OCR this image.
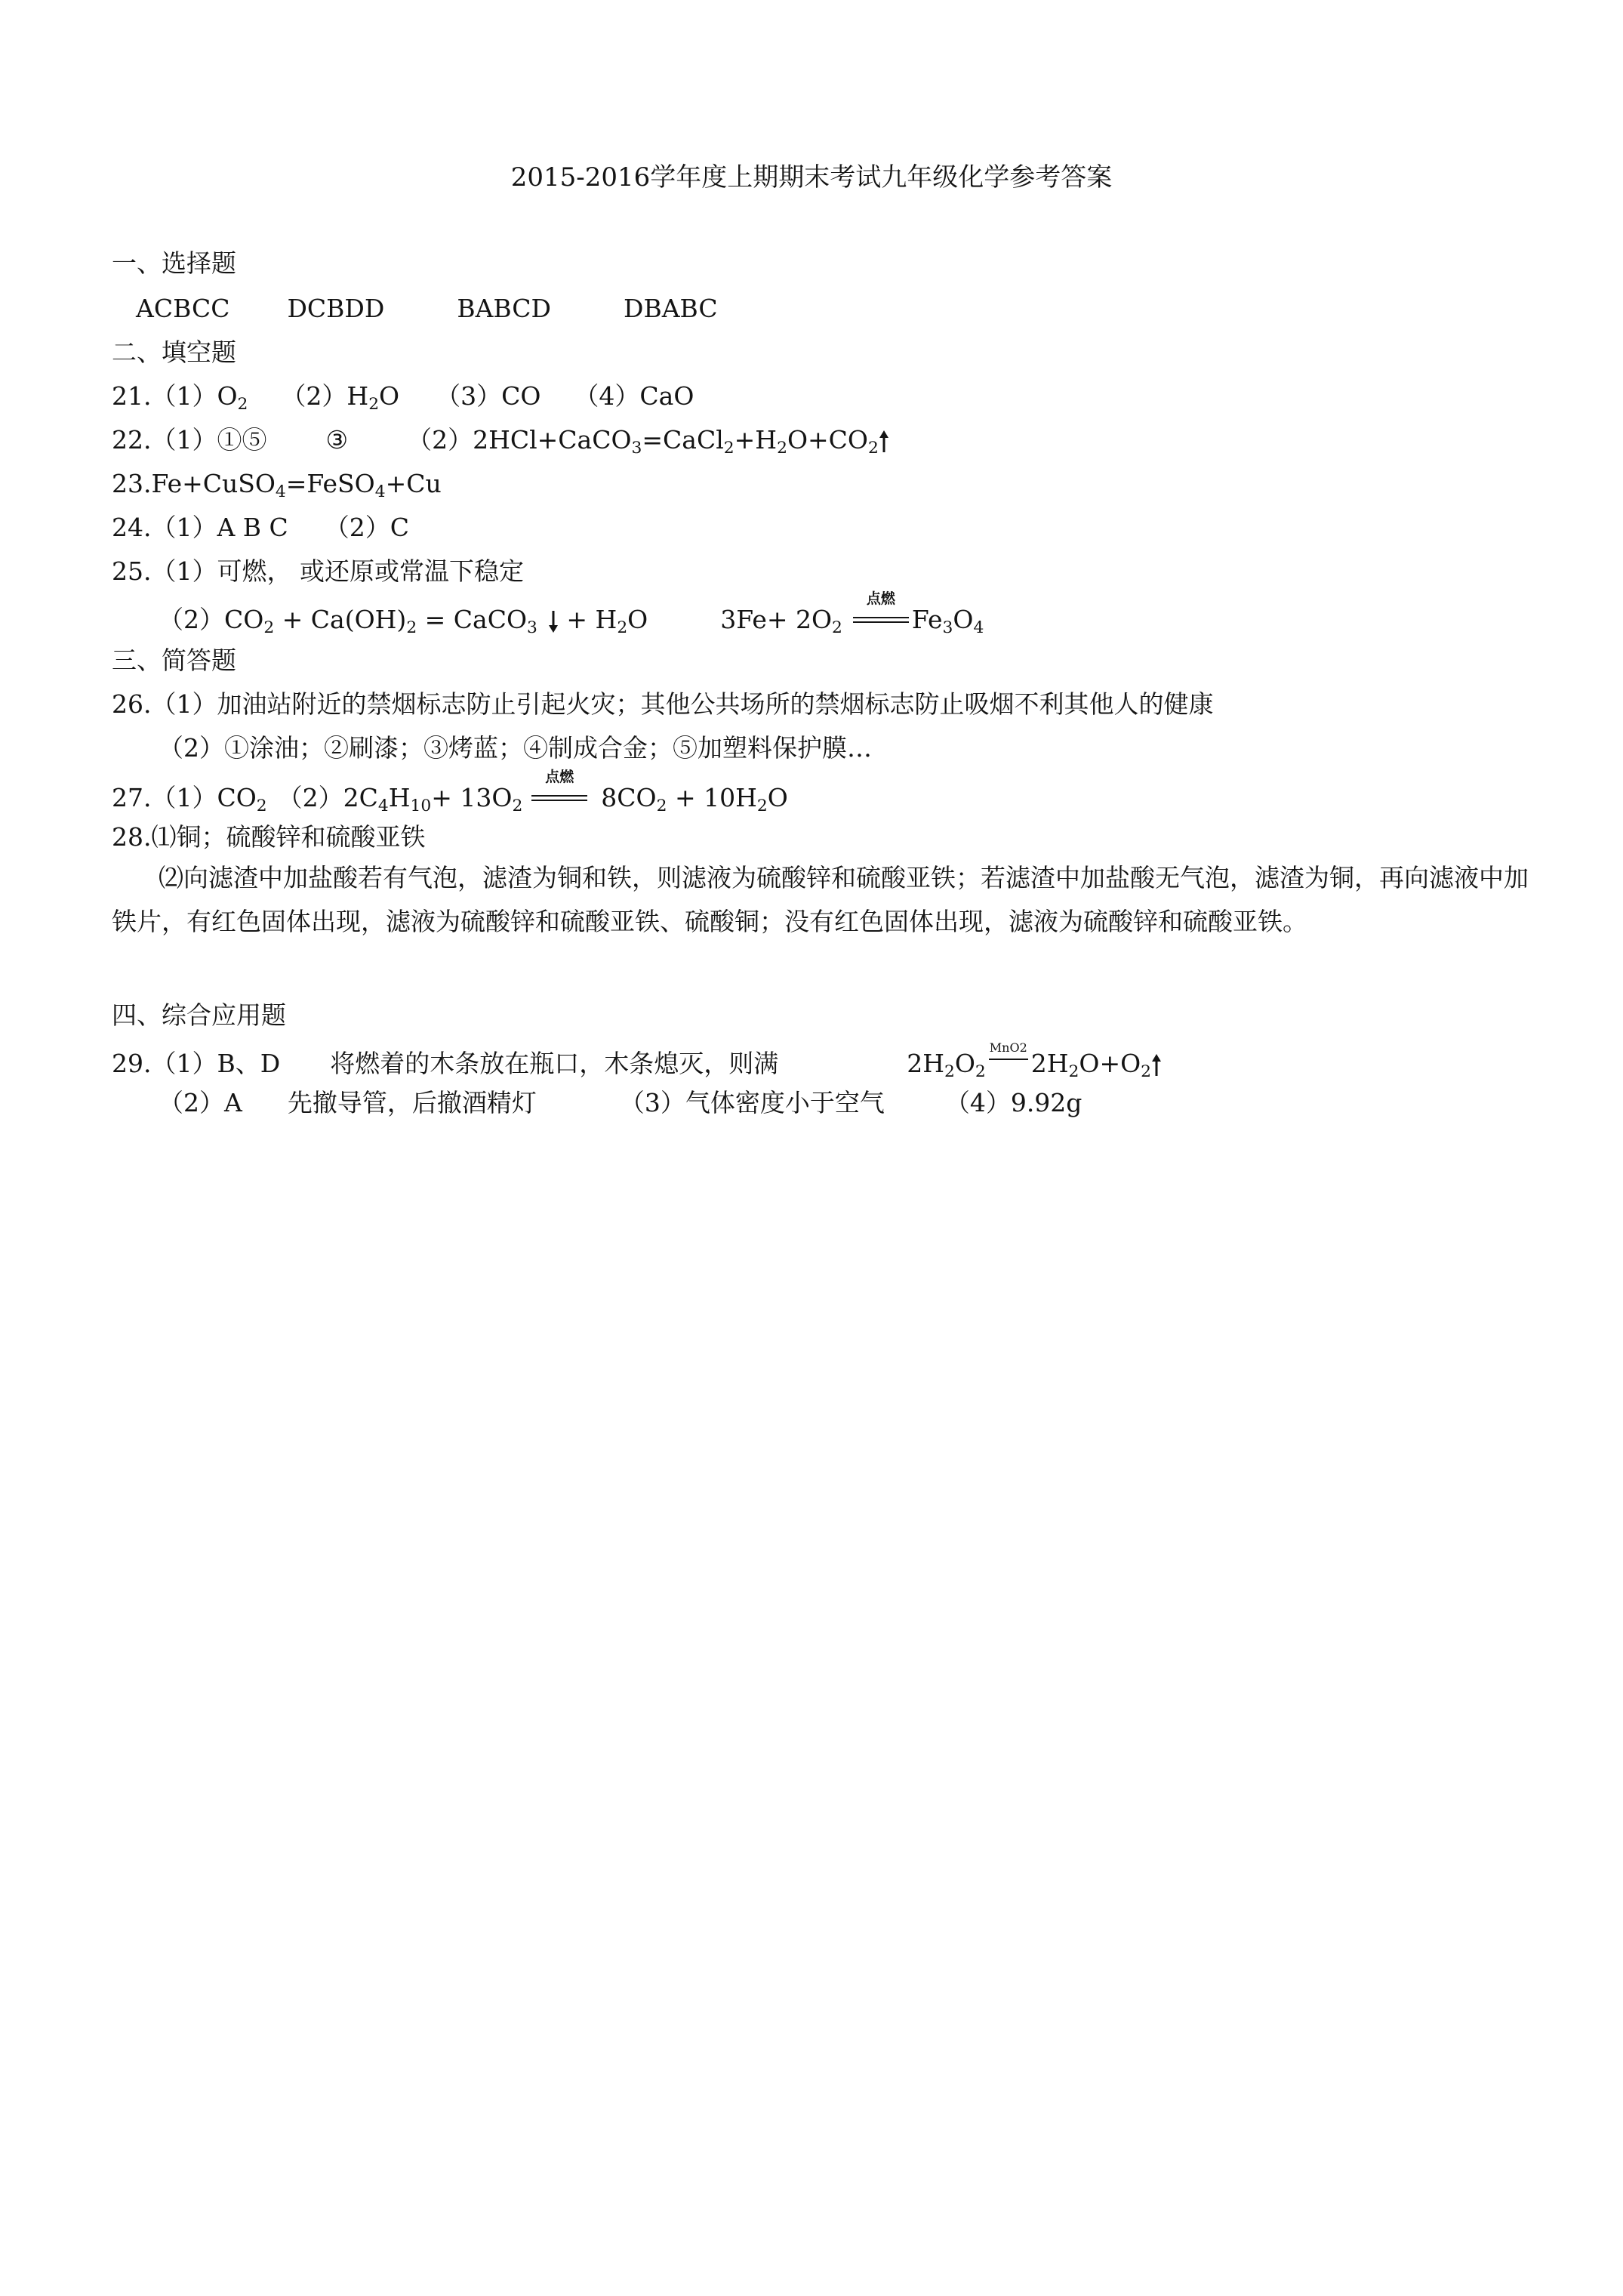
2015-2016学年度上期期末考试九年级化学参考答案
一、选择题
ACBCC DCBDD	BABCD	DBABC
二、填空题
$21.(1)O_2$ $(2)H_2O$ （3）CO （4）CaO
22.（1）①⑤ ③ $(2)2HCl+CaCO_3=CaCl_2+H_2O+CO_2$
23.Fe+CuSO$_4$=FeSO$_4$+Cu
24.（1）A B C （2）C
25.（1）可燃， 或还原或常温下稳定
$(2)CO_2 + Ca(OH)_2$ = CaCO$_3$ + $H_2O$	$3Fe+ 2O_2$
点燃
$Fe_3O_4$
三、简答题
26.（1）加油站附近的禁烟标志防止引起火灾；其他公共场所的禁烟标志防止吸烟不利其他人的健康
（2）①涂油；②刷漆；③烤蓝；④制成合金；⑤加塑料保护膜…
$27.(1)CO_2$ $(2)2C_4H_{10}+ 13O_2$
点燃
$8CO_2 + 10H_2O$
28.⑴铜；硫酸锌和硫酸亚铁
⑵向滤渣中加盐酸若有气泡，滤渣为铜和铁，则滤液为硫酸锌和硫酸亚铁；若滤渣中加盐酸无气泡，滤渣为铜，再向滤液中加铁片，有红色固体出现，滤液为硫酸锌和硫酸亚铁、硫酸铜；没有红色固体出现，滤液为硫酸锌和硫酸亚铁。
四、综合应用题
29.（1）B、D 将燃着的木条放在瓶口，木条熄灭，则满	$2H_2O_2$
MnO2
$2H_2O+O_2$
（2）A 先撤导管，后撤酒精灯	（3）气体密度小于空气 （4）9.92g
